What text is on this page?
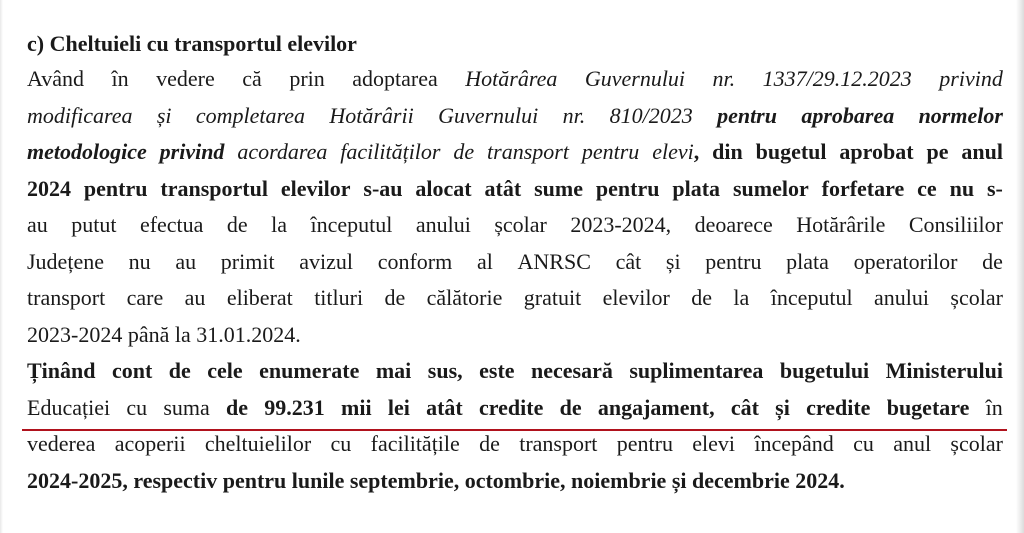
c) Cheltuieli cu transportul elevilor
Având în vedere că prin adoptarea Hotărârea Guvernului nr. 1337/29.12.2023 privind
modificarea și completarea Hotărârii Guvernului nr. 810/2023 pentru aprobarea normelor
metodologice privind acordarea facilităților de transport pentru elevi, din bugetul aprobat pe anul
2024 pentru transportul elevilor s-au alocat atât sume pentru plata sumelor forfetare ce nu s-
au putut efectua de la începutul anului școlar 2023-2024, deoarece Hotărârile Consiliilor
Județene nu au primit avizul conform al ANRSC cât și pentru plata operatorilor de
transport care au eliberat titluri de călătorie gratuit elevilor de la începutul anului școlar
2023-2024 până la 31.01.2024.
Ținând cont de cele enumerate mai sus, este necesară suplimentarea bugetului Ministerului
Educației cu suma de 99.231 mii lei atât credite de angajament, cât și credite bugetare în
vederea acoperii cheltuielilor cu facilitățile de transport pentru elevi începând cu anul școlar
2024-2025, respectiv pentru lunile septembrie, octombrie, noiembrie și decembrie 2024.
